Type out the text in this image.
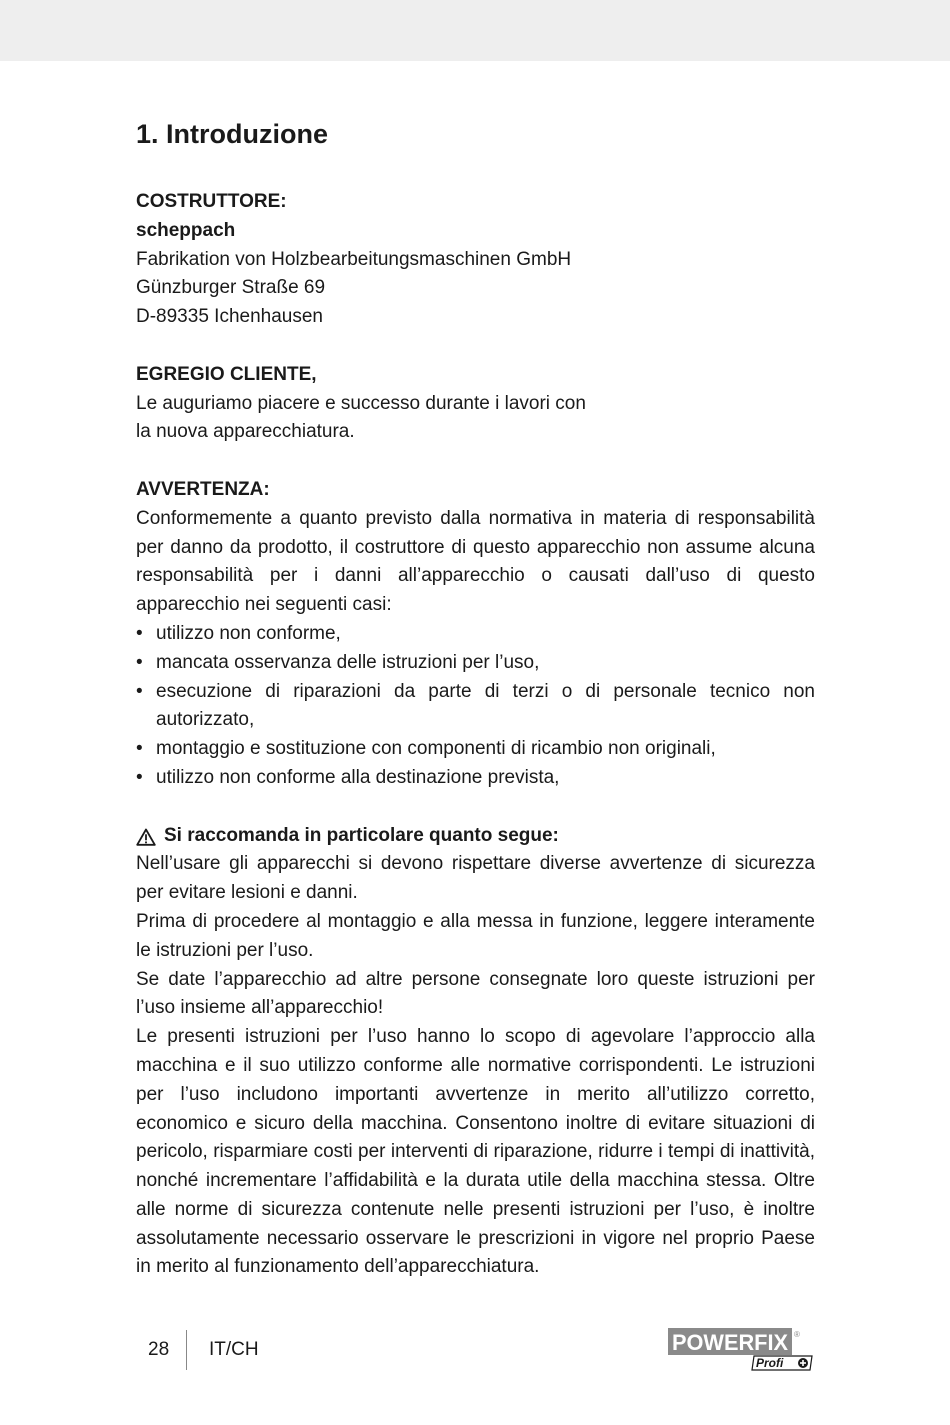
1. Introduzione

COSTRUTTORE:

scheppach

Fabrikation von Holzbearbeitungsmaschinen GmbH

Günzburger Straße 69

D-89335 Ichenhausen

EGREGIO CLIENTE,

Le auguriamo piacere e successo durante i lavori con

la nuova apparecchiatura.

AVVERTENZA:

Conformemente a quanto previsto dalla normativa in materia di responsabilità per danno da prodotto, il costruttore di questo apparecchio non assume alcuna responsabilità per i danni all’apparecchio o causati dall’uso di questo apparecchio nei seguenti casi:

• utilizzo non conforme,
• mancata osservanza delle istruzioni per l’uso,
• esecuzione di riparazioni da parte di terzi o di personale tecnico non autorizzato,
• montaggio e sostituzione con componenti di ricambio non originali,
• utilizzo non conforme alla destinazione prevista,

Si raccomanda in particolare quanto segue:

Nell’usare gli apparecchi si devono rispettare diverse avvertenze di sicurezza per evitare lesioni e danni.

Prima di procedere al montaggio e alla messa in funzione, leggere interamente le istruzioni per l’uso.

Se date l’apparecchio ad altre persone consegnate loro queste istruzioni per l’uso insieme all’apparecchio!

Le presenti istruzioni per l’uso hanno lo scopo di agevolare l’approccio alla macchina e il suo utilizzo conforme alle normative corrispondenti. Le istruzioni per l’uso includono importanti avvertenze in merito all’utilizzo corretto, economico e sicuro della macchina. Consentono inoltre di evitare situazioni di pericolo, risparmiare costi per interventi di riparazione, ridurre i tempi di inattività, nonché incrementare l’affidabilità e la durata utile della macchina stessa. Oltre alle norme di sicurezza contenute nelle presenti istruzioni per l’uso, è inoltre assolutamente necessario osservare le prescrizioni in vigore nel proprio Paese in merito al funzionamento dell’apparecchiatura.

28	IT/CH	POWERFIX ®
Profi
